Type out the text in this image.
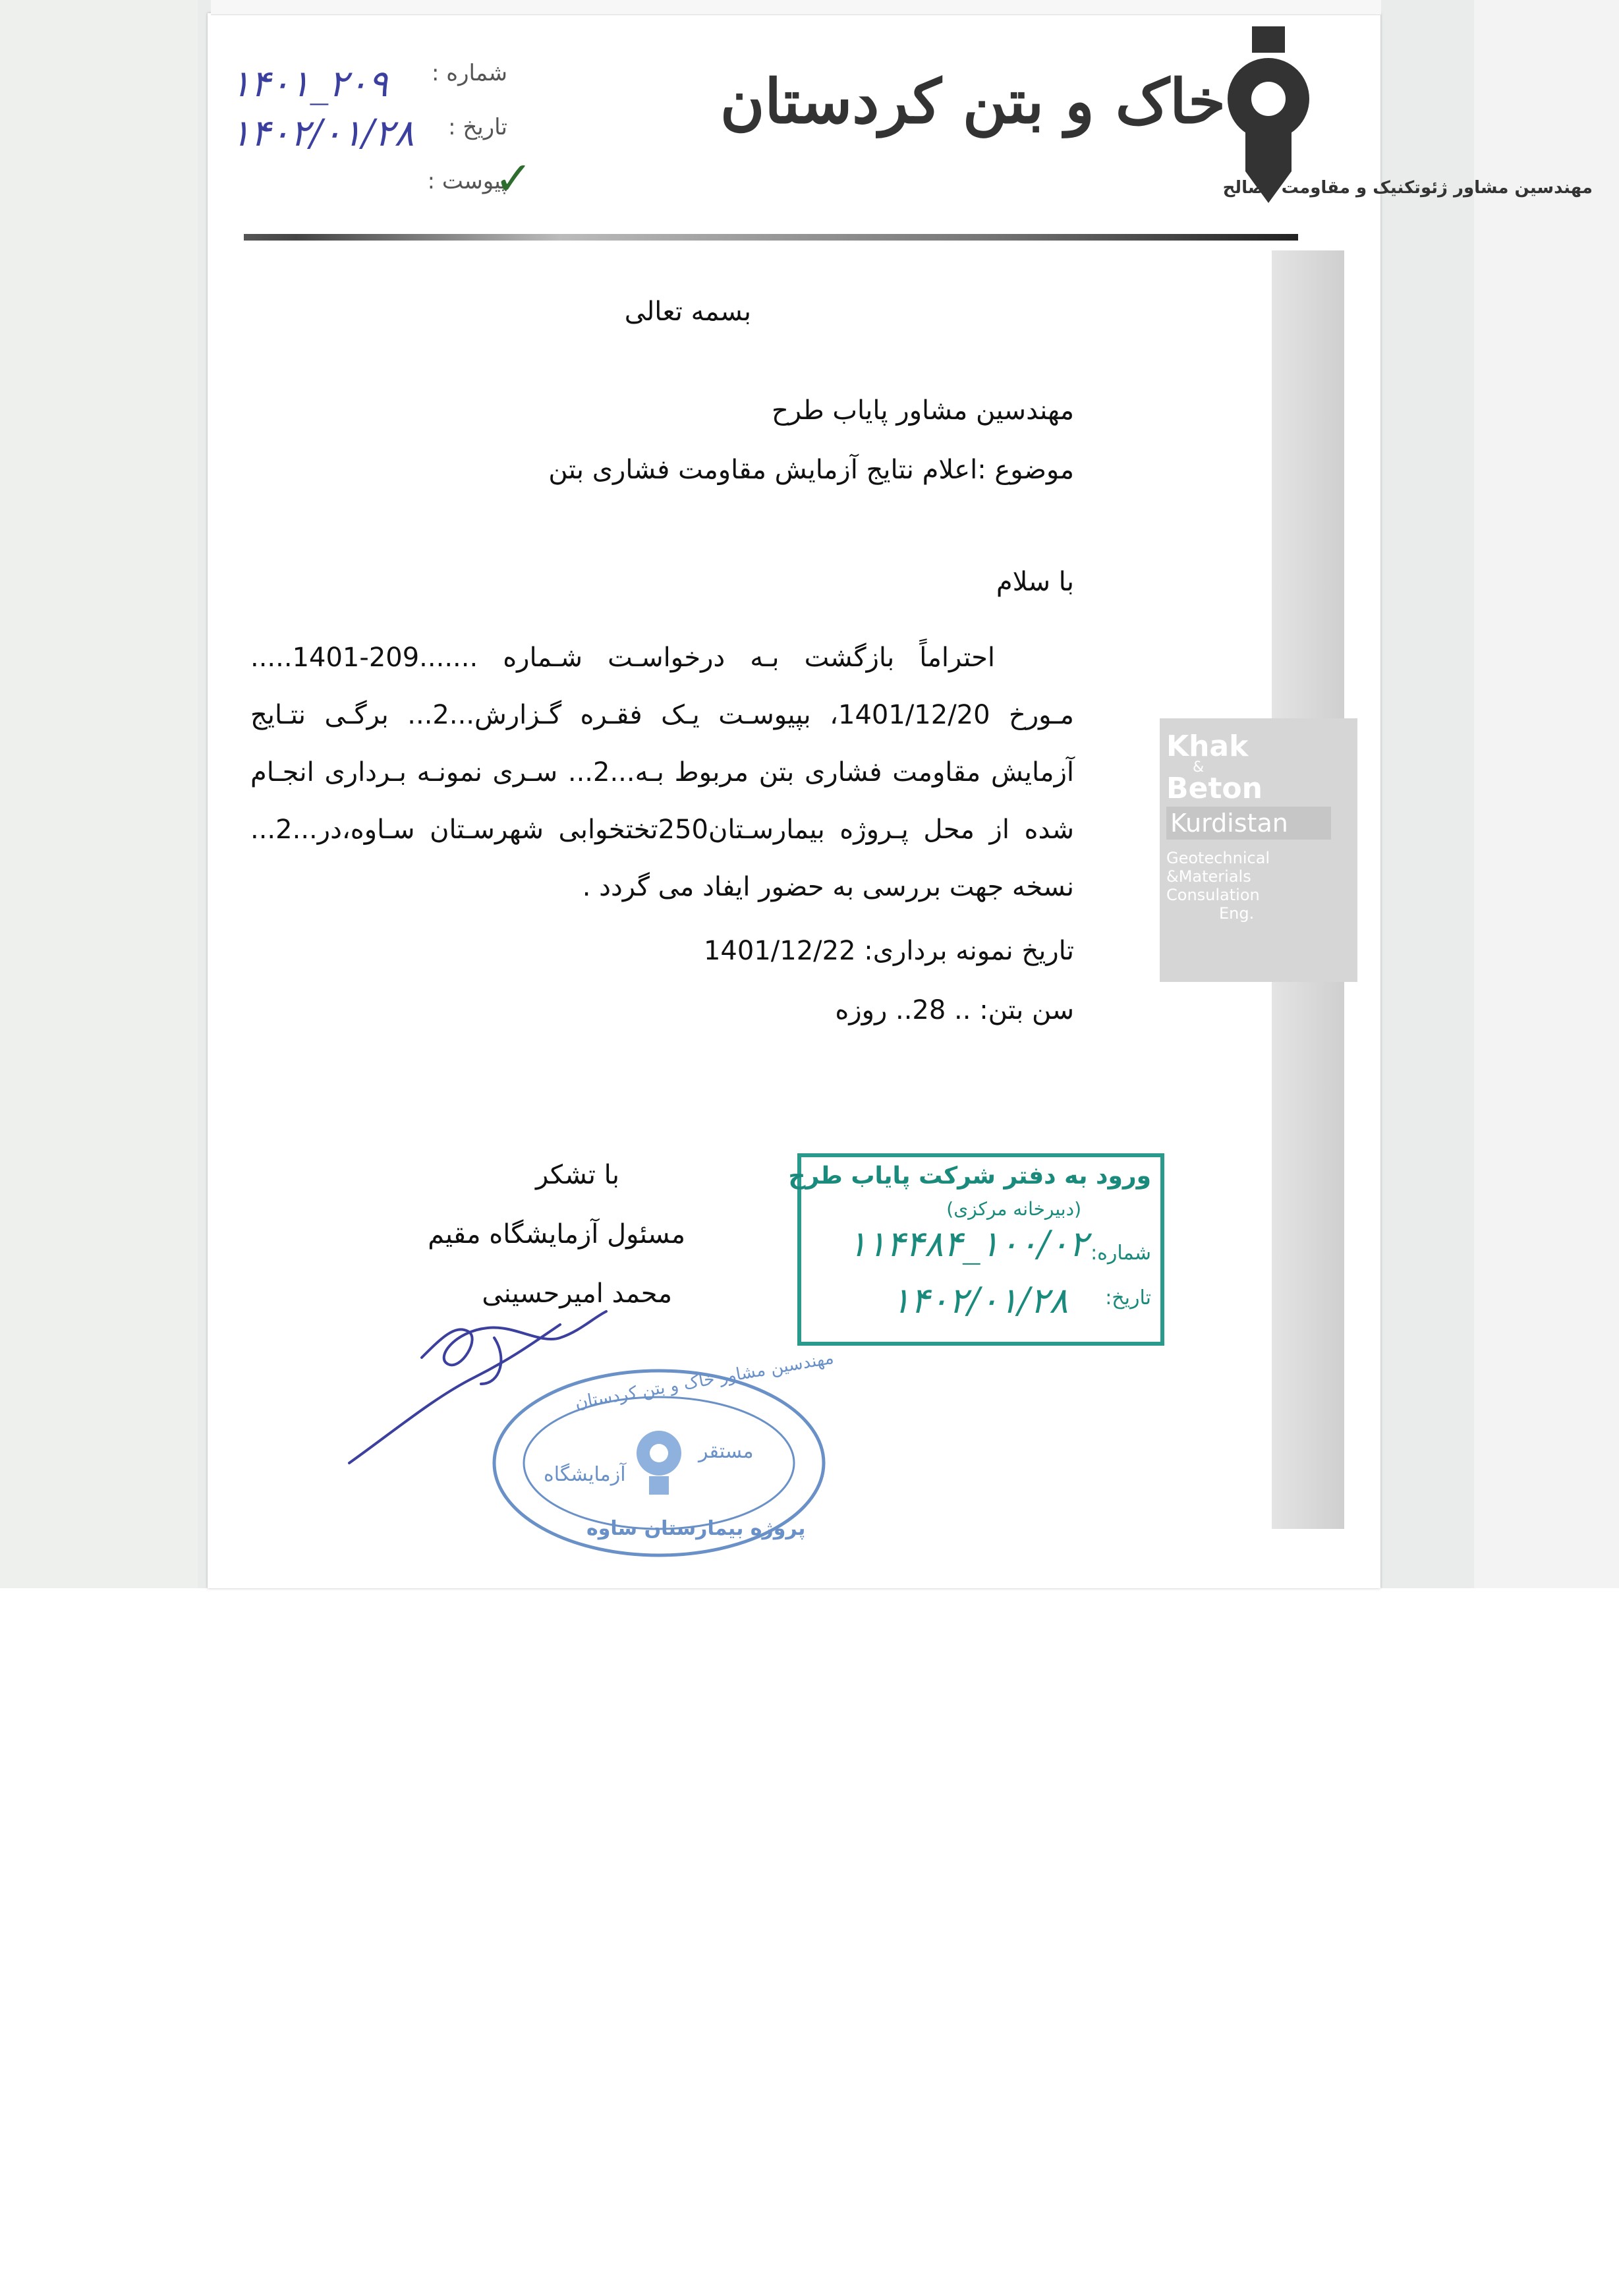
خاک و بتن کردستان
مهندسین مشاور ژئوتکنیک و مقاومت مصالح
شماره :
تاریخ :
پیوست :
۱۴۰۱_۲۰۹
۱۴۰۲/۰۱/۲۸
✓
Khak
&
Beton
Kurdistan
Geotechnical
&Materials
Consulation
Eng.
بسمه تعالی
مهندسین مشاور پایاب طرح
موضوع :اعلام نتایج آزمایش مقاومت فشاری بتن
با سلام
احتراماً بازگشت بـه درخواسـت شـماره .......209-1401.....
مـورخ 1401/12/20، بپیوسـت یـک فقـره گـزارش...2... برگـی نتـایج
آزمایش مقاومت فشاری بتن مربوط بـه...2... سـری نمونـه بـرداری انجـام
شده از محل پـروژه بیمارسـتان250تختخوابی شهرسـتان سـاوه،در...2...
نسخه جهت بررسی به حضور ایفاد می گردد .
تاریخ نمونه برداری: 1401/12/22
سن بتن: .. 28.. روزه
با تشکر
مسئول آزمایشگاه مقیم
محمد امیرحسینی
ورود به دفتر شرکت پایاب طرح
(دبیرخانه مرکزی)
شماره:
۱۰۰/۰۲_۱۱۴۴۸۴
تاریخ:
۱۴۰۲/۰۱/۲۸
مهندسین مشاور خاک و بتن کردستان
مستقر
آزمایشگاه
پروژه بیمارستان ساوه
